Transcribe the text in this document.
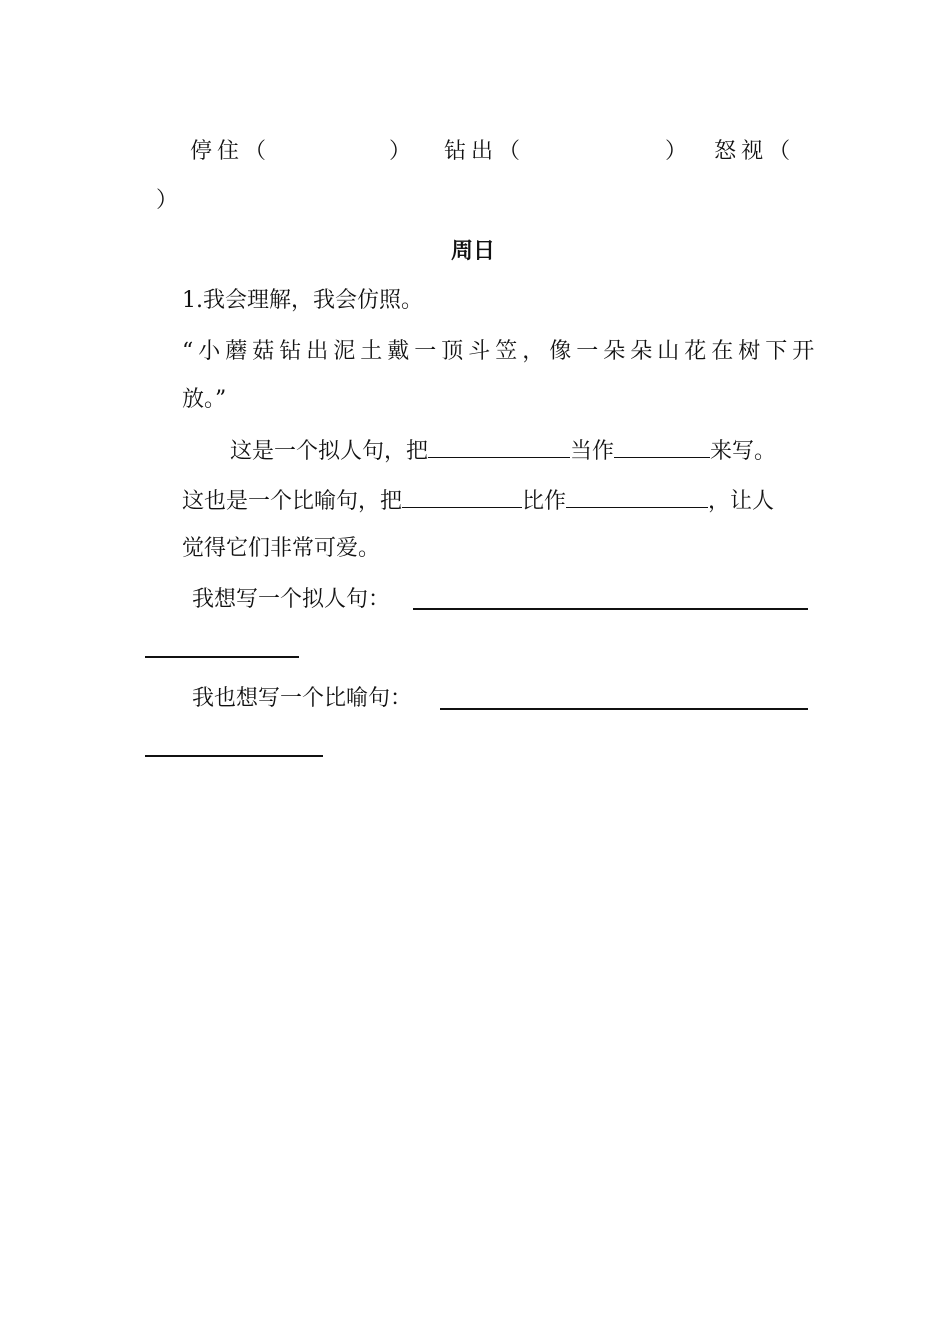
停住（	） 钻出（	） 怒视（
）
周日
1.我会理解，我会仿照。
“小蘑菇钻出泥土戴一顶斗笠，像一朵朵山花在树下开
放。”
这是一个拟人句，把	当作	来写。
这也是一个比喻句，把	比作	，让人
觉得它们非常可爱。
我想写一个拟人句：
我也想写一个比喻句：
